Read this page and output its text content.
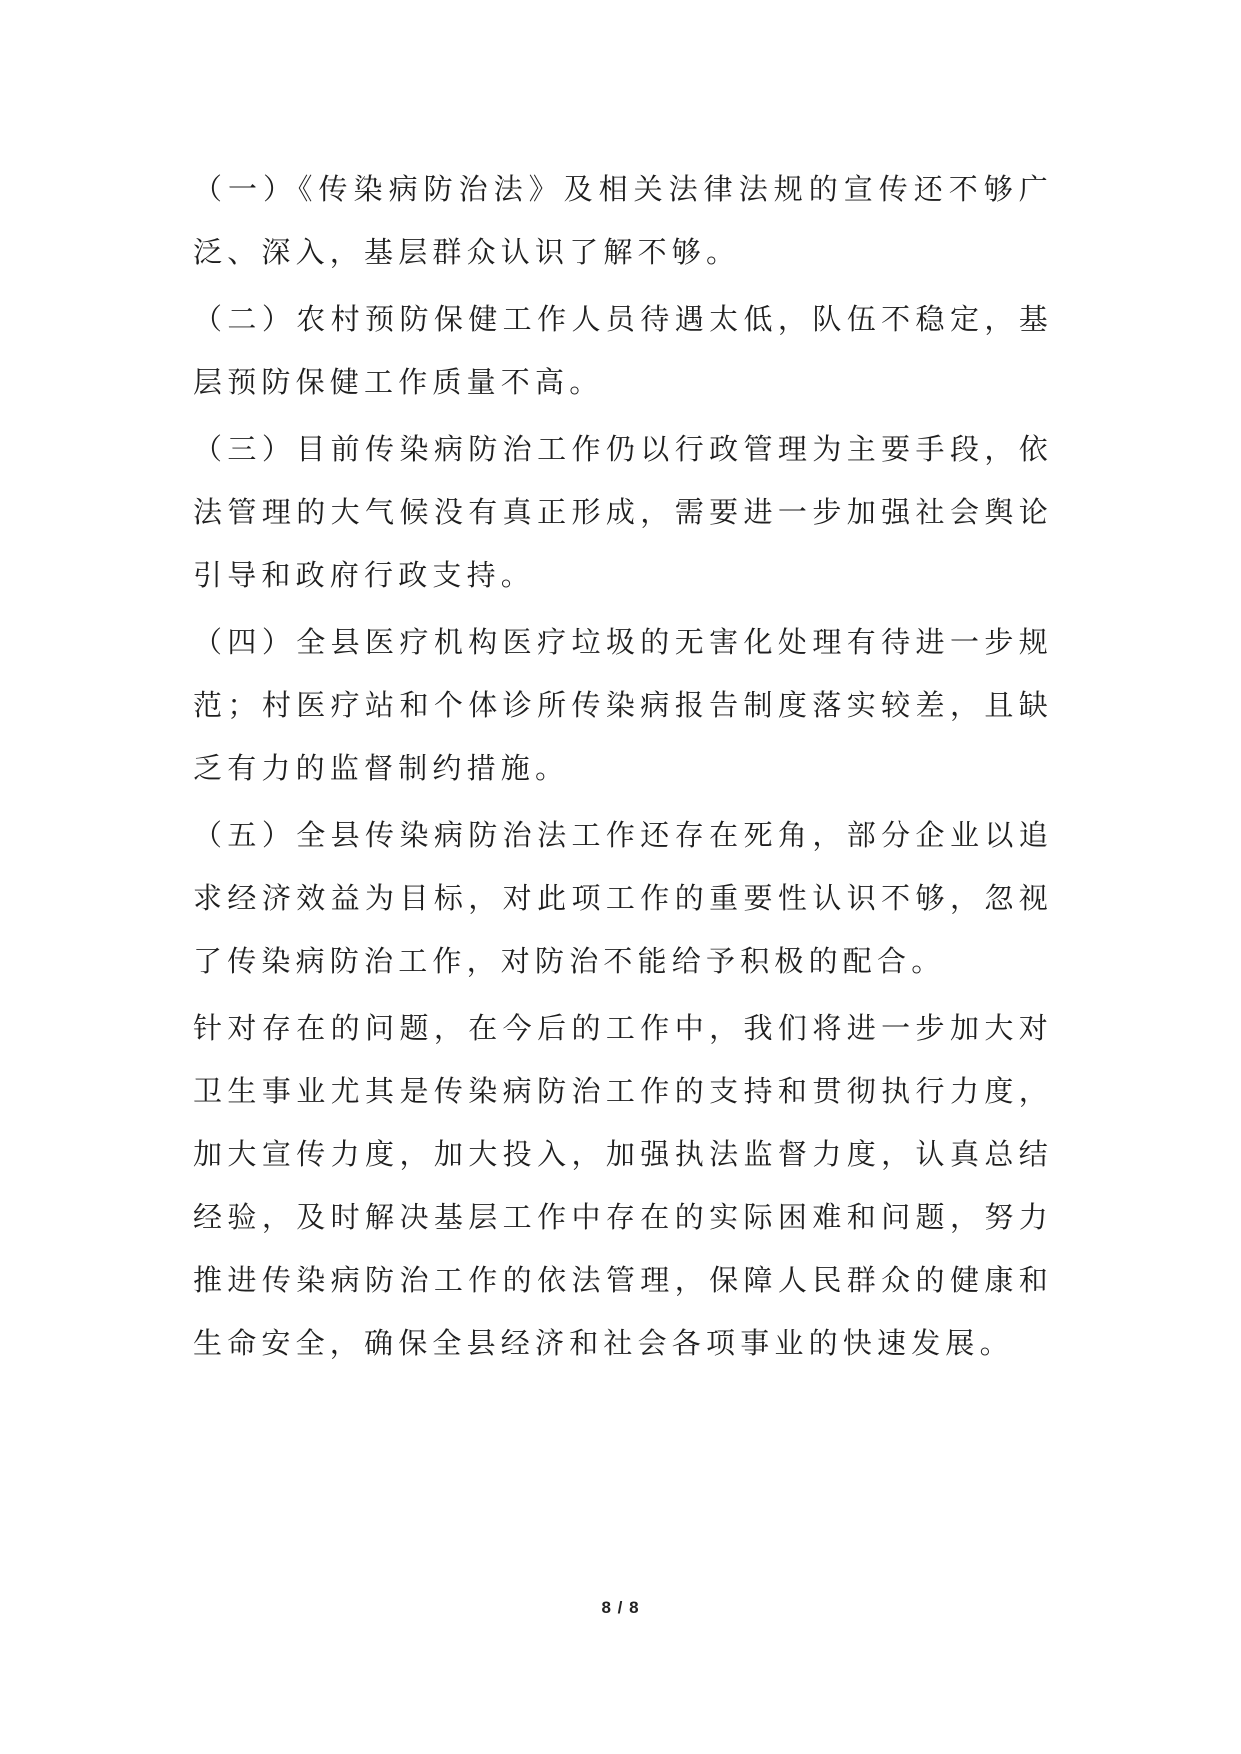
（一）《传染病防治法》及相关法律法规的宣传还不够广泛、深入，基层群众认识了解不够。

（二）农村预防保健工作人员待遇太低，队伍不稳定，基层预防保健工作质量不高。

（三）目前传染病防治工作仍以行政管理为主要手段，依法管理的大气候没有真正形成，需要进一步加强社会舆论引导和政府行政支持。

（四）全县医疗机构医疗垃圾的无害化处理有待进一步规范；村医疗站和个体诊所传染病报告制度落实较差，且缺乏有力的监督制约措施。

（五）全县传染病防治法工作还存在死角，部分企业以追求经济效益为目标，对此项工作的重要性认识不够，忽视了传染病防治工作，对防治不能给予积极的配合。

针对存在的问题，在今后的工作中，我们将进一步加大对卫生事业尤其是传染病防治工作的支持和贯彻执行力度，加大宣传力度，加大投入，加强执法监督力度，认真总结经验，及时解决基层工作中存在的实际困难和问题，努力推进传染病防治工作的依法管理，保障人民群众的健康和生命安全，确保全县经济和社会各项事业的快速发展。

8 / 8
